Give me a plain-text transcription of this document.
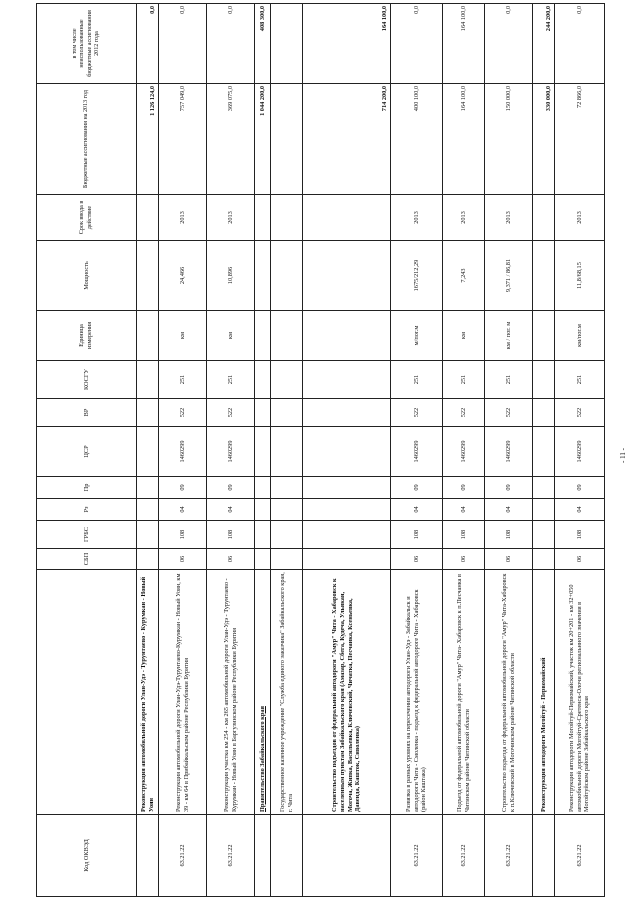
Код ОКВЭД		СБП	ГРБС	Рз	Пр	ЦСР	ВР	КОСГУ	Единица измерения	Мощность	Срок ввода в действие	Бюджетные ассигнования на 2013 год	в том числе неиспользованные бюджетные ассигнования 2012 года
	Реконструкция автомобильной дороги Улан-Удэ - Турунтаево - Курумкан - Новый Уоян											1 126 124,0	0,0
63.21.22	Реконструкция автомобильной дороги Улан-Удэ-Турунтаево-Курумкан - Новый Уоян, км 39 - км 64 в Прибайкальском районе Республики Бурятия	06	108	04	09	1460299	522	251	км	24,466	2013	757 049,0	0,0
63.21.22	Реконструкция участка км 254 - км 265 автомобильной дороги Улан-Удэ - Турунтаево - Курумкан - Новый Уоян в Баргузинском районе Республики Бурятия	06	108	04	09	1460299	522	251	км	10,896	2013	369 075,0	0,0
	Правительство Забайкальского края											1 044 200,0	408 300,0
	Государственное казенное учреждение "Служба единого заказчика" Забайкальского края, г. Чита												
	Строительство подъездов от федеральной автодороги "Амур" Чита - Хабаровск к населенным пунктам Забайкальского края (Амазар, Сбега, Кудеча, Ульякан, Могоча, Жипка, Васильевка, Ключевский, Чичатка, Песчанка, Ксеньевка, Давенда, Кашток, Сиволенка)											714 200,0	164 100,0
63.21.22	Развязка в разных уровнях на пересечении автодороги Улан-Удэ - Забайкальск и автодороги Чита - Смоленка - подъезд к федеральной автодороге Чита - Хабаровск (район Каштака)	06	108	04	09	1460299	522	251	м/пог.м	1675/212,29	2013	400 100,0	0,0
63.21.22	Подъезд от федеральной автомобильной дороги "Амур" Чита- Хабаровск к п.Песчанка в Читинском районе Читинской области	06	108	04	09	1460299	522	251	км	7,243	2013	164 100,0	164 100,0
63.21.22	Строительство подъезда от федеральной автомобильной дороги "Амур" Чита-Хабаровск к п.Ключевский в Могочинском районе Читинской области	06	108	04	09	1460299	522	251	км / пог. м	9,371 / 86,81	2013	150 000,0	0,0
	Реконструкция автодороги Могойтуй - Первомайский											330 000,0	244 200,0
63.21.22	Реконструкция автодороги Могойтуй-Первомайский, участок км 20+201 - км 32+050 автомобильной дороги Могойтуй-Сретенск-Олочи региональнного значения в Могойтуйском районе Забайкальского края	06	108	04	09	1460299	522	251	км/пог.м	11,8/68,15	2013	72 866,0	0,0
- 11 -
